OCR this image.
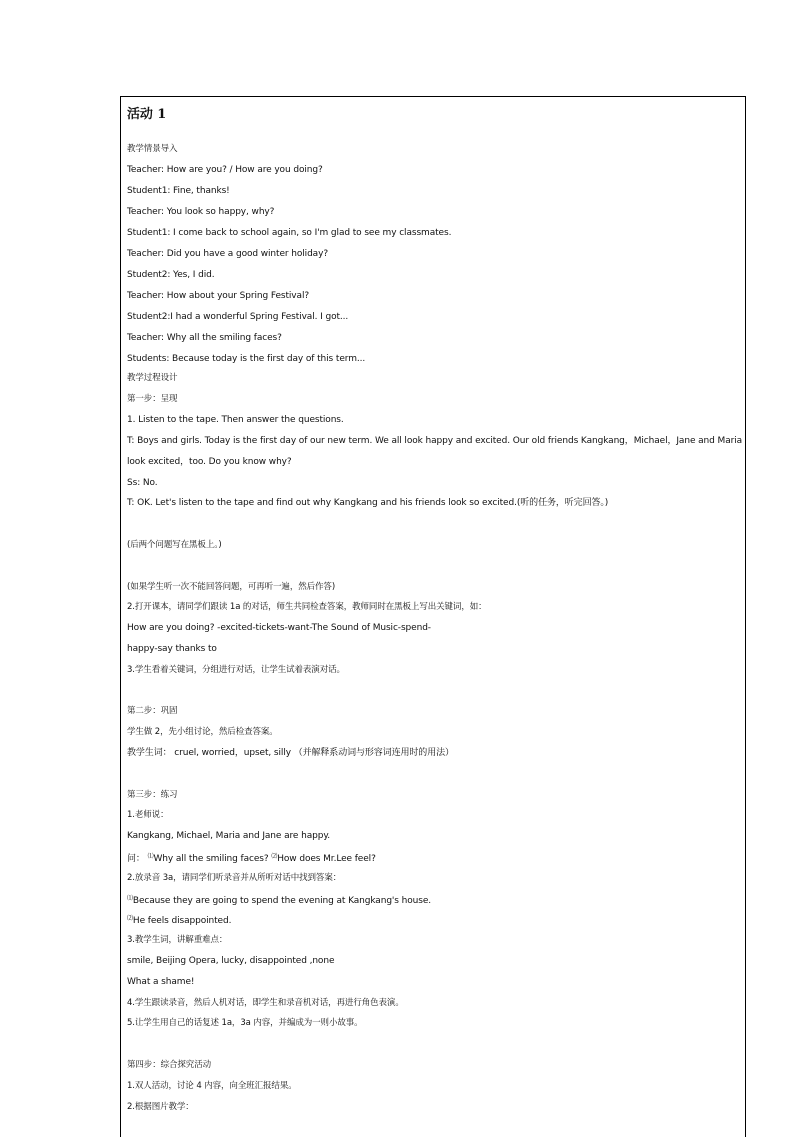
活动 1
教学情景导入
Teacher: How are you? / How are you doing?
Student1: Fine, thanks!
Teacher: You look so happy, why?
Student1: I come back to school again, so I'm glad to see my classmates.
Teacher: Did you have a good winter holiday?
Student2: Yes, I did.
Teacher: How about your Spring Festival?
Student2:I had a wonderful Spring Festival. I got...
Teacher: Why all the smiling faces?
Students: Because today is the first day of this term...
教学过程设计
第一步：呈现
1. Listen to the tape. Then answer the questions.
T: Boys and girls. Today is the first day of our new term. We all look happy and excited. Our old friends Kangkang，Michael，Jane and Maria
look excited，too. Do you know why?
Ss: No.
T: OK. Let's listen to the tape and find out why Kangkang and his friends look so excited.(听的任务，听完回答。)
(后两个问题写在黑板上。)
(如果学生听一次不能回答问题，可再听一遍，然后作答)
2.打开课本，请同学们跟读 1a 的对话，师生共同检查答案，教师同时在黑板上写出关键词，如：
How are you doing? -excited-tickets-want-The Sound of Music-spend-
happy-say thanks to
3.学生看着关键词，分组进行对话，让学生试着表演对话。
第二步：巩固
学生做 2，先小组讨论，然后检查答案。
教学生词： cruel, worried，upset, silly （并解释系动词与形容词连用时的用法）
第三步：练习
1.老师说：
Kangkang, Michael, Maria and Jane are happy.
问： ⑴Why all the smiling faces? ⑵How does Mr.Lee feel?
2.放录音 3a，请同学们听录音并从所听对话中找到答案：
⑴Because they are going to spend the evening at Kangkang's house.
⑵He feels disappointed.
3.教学生词，讲解重难点：
smile, Beijing Opera, lucky, disappointed ,none
What a shame!
4.学生跟读录音，然后人机对话，即学生和录音机对话，再进行角色表演。
5.让学生用自己的话复述 1a，3a 内容，并编成为一则小故事。
第四步：综合探究活动
1.双人活动，讨论 4 内容，向全班汇报结果。
2.根据图片教学：
